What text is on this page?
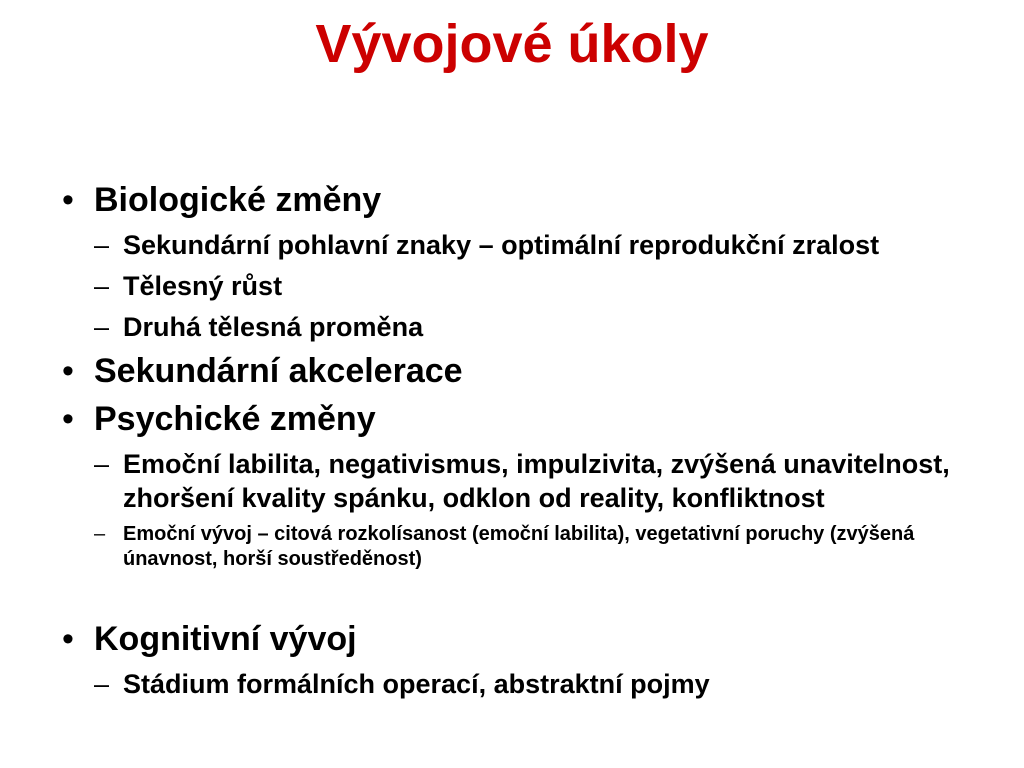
Vývojové úkoly
• Biologické změny
– Sekundární pohlavní znaky – optimální reprodukční zralost
– Tělesný růst
– Druhá tělesná proměna
• Sekundární akcelerace
• Psychické změny
– Emoční labilita, negativismus, impulzivita, zvýšená unavitelnost, zhoršení kvality spánku, odklon od reality, konfliktnost
– Emoční vývoj – citová rozkolísanost (emoční labilita), vegetativní poruchy (zvýšená únavnost, horší soustředěnost)
• Kognitivní vývoj
– Stádium formálních operací, abstraktní pojmy
